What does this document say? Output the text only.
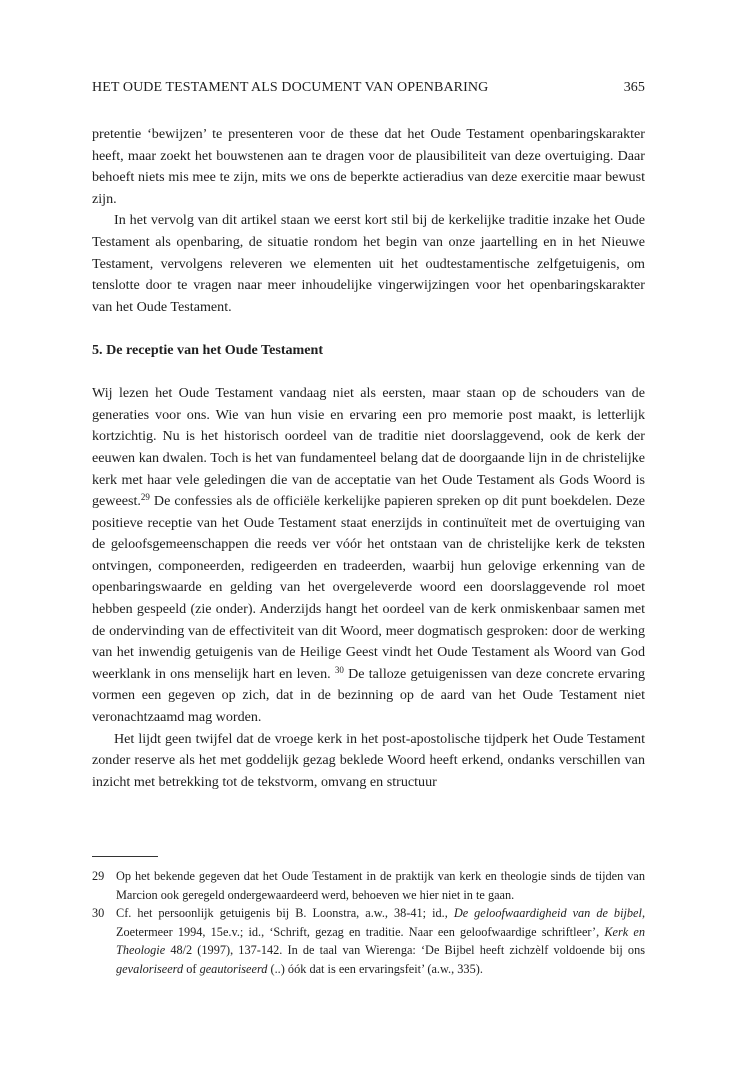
HET OUDE TESTAMENT ALS DOCUMENT VAN OPENBARING	365

pretentie ‘bewijzen’ te presenteren voor de these dat het Oude Testament openbaringskarakter heeft, maar zoekt het bouwstenen aan te dragen voor de plausibiliteit van deze overtuiging. Daar behoeft niets mis mee te zijn, mits we ons de beperkte actieradius van deze exercitie maar bewust zijn.

In het vervolg van dit artikel staan we eerst kort stil bij de kerkelijke traditie inzake het Oude Testament als openbaring, de situatie rondom het begin van onze jaartelling en in het Nieuwe Testament, vervolgens releveren we elementen uit het oudtestamentische zelfgetuigenis, om tenslotte door te vragen naar meer inhoudelijke vingerwijzingen voor het openbaringskarakter van het Oude Testament.

5. De receptie van het Oude Testament

Wij lezen het Oude Testament vandaag niet als eersten, maar staan op de schouders van de generaties voor ons. Wie van hun visie en ervaring een pro memorie post maakt, is letterlijk kortzichtig. Nu is het historisch oordeel van de traditie niet doorslaggevend, ook de kerk der eeuwen kan dwalen. Toch is het van fundamenteel belang dat de doorgaande lijn in de christelijke kerk met haar vele geledingen die van de acceptatie van het Oude Testament als Gods Woord is geweest.$^{29}$ De confessies als de officiële kerkelijke papieren spreken op dit punt boekdelen. Deze positieve receptie van het Oude Testament staat enerzijds in continuïteit met de overtuiging van de geloofsgemeenschappen die reeds ver vóór het ontstaan van de christelijke kerk de teksten ontvingen, componeerden, redigeerden en tradeerden, waarbij hun gelovige erkenning van de openbaringswaarde en gelding van het overgeleverde woord een doorslaggevende rol moet hebben gespeeld (zie onder). Anderzijds hangt het oordeel van de kerk onmiskenbaar samen met de ondervinding van de effectiviteit van dit Woord, meer dogmatisch gesproken: door de werking van het inwendig getuigenis van de Heilige Geest vindt het Oude Testament als Woord van God weerklank in ons menselijk hart en leven. $^{30}$ De talloze getuigenissen van deze concrete ervaring vormen een gegeven op zich, dat in de bezinning op de aard van het Oude Testament niet veronachtzaamd mag worden.

Het lijdt geen twijfel dat de vroege kerk in het post-apostolische tijdperk het Oude Testament zonder reserve als het met goddelijk gezag beklede Woord heeft erkend, ondanks verschillen van inzicht met betrekking tot de tekstvorm, omvang en structuur

29 Op het bekende gegeven dat het Oude Testament in de praktijk van kerk en theologie sinds de tijden van Marcion ook geregeld ondergewaardeerd werd, behoeven we hier niet in te gaan.
30 Cf. het persoonlijk getuigenis bij B. Loonstra, a.w., 38-41; id., De geloofwaardigheid van de bijbel, Zoetermeer 1994, 15e.v.; id., ‘Schrift, gezag en traditie. Naar een geloofwaardige schriftleer’, Kerk en Theologie 48/2 (1997), 137-142. In de taal van Wierenga: ‘De Bijbel heeft zichzèlf voldoende bij ons gevaloriseerd of geautoriseerd (..) óók dat is een ervaringsfeit’ (a.w., 335).
